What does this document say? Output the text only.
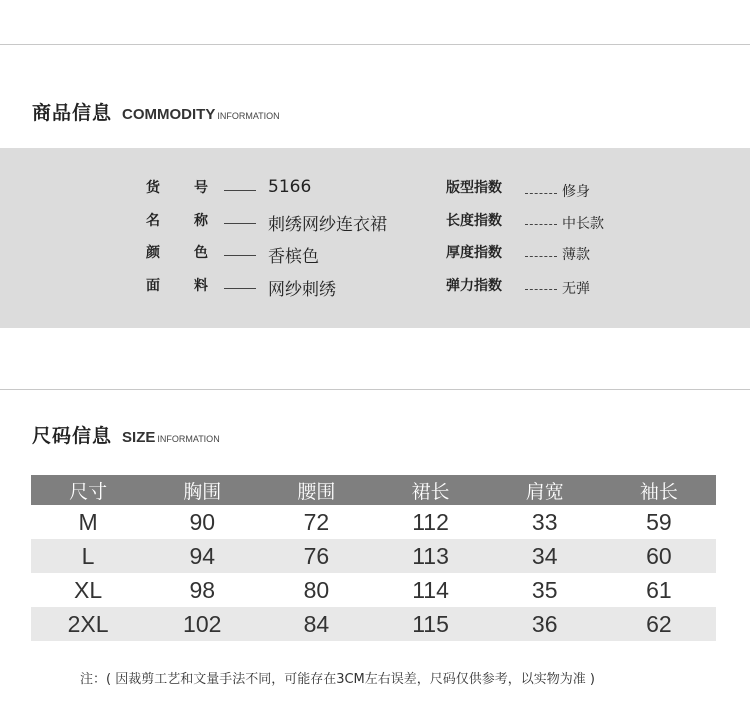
商品信息 COMMODITY INFORMATION
货 号	5166	版型指数	修身
名 称	刺绣网纱连衣裙	长度指数	中长款
颜 色	香槟色	厚度指数	薄款
面 料	网纱刺绣	弹力指数	无弹
尺码信息 SIZE INFORMATION
尺寸	胸围	腰围	裙长	肩宽	袖长
M	90	72	112	33	59
L	94	76	113	34	60
XL	98	80	114	35	61
2XL	102	84	115	36	62
注：( 因裁剪工艺和文量手法不同，可能存在3CM左右误差，尺码仅供参考，以实物为准 )
